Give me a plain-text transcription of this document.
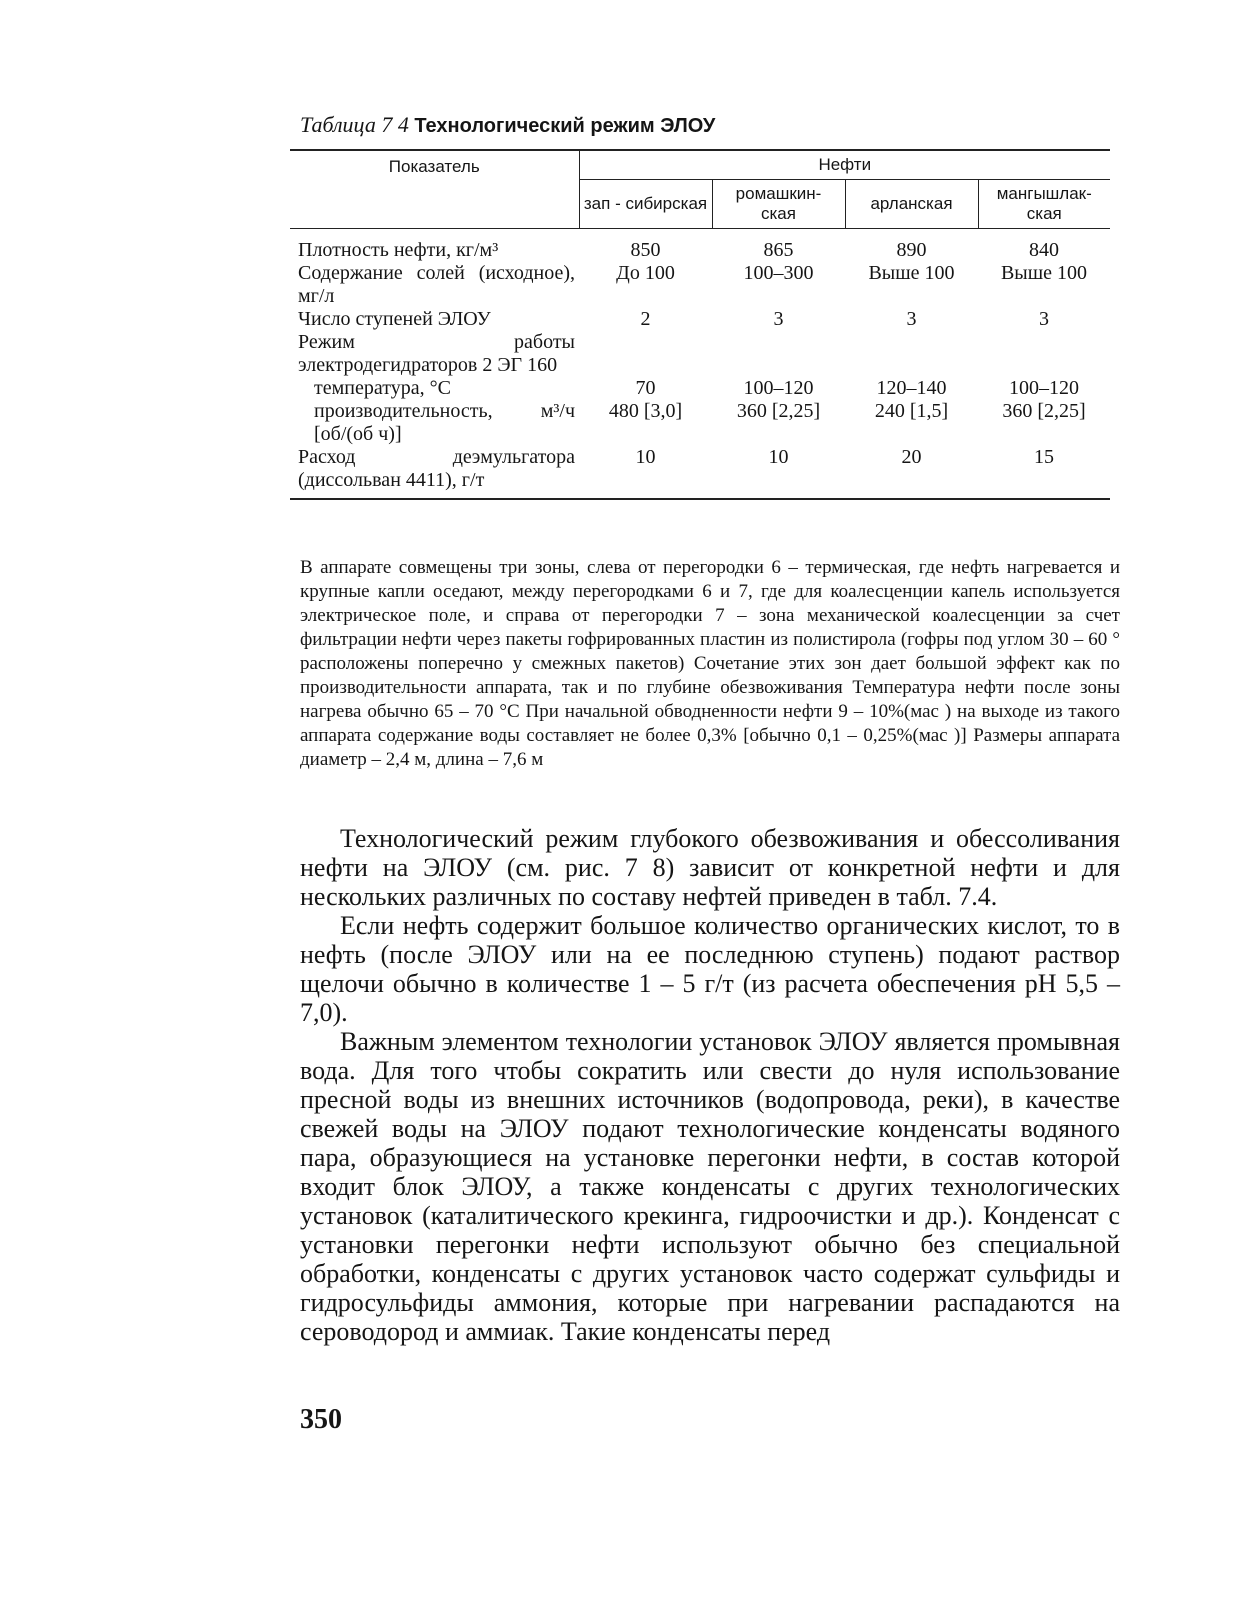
Таблица 7 4 Технологический режим ЭЛОУ
Показатель	Нефти			
	зап - сибирская	ромашкин- ская	арланская	мангышлак- ская
Плотность нефти, кг/м³	850	865	890	840
Содержание солей (исходное), мг/л	До 100	100–300	Выше 100	Выше 100
Число ступеней ЭЛОУ	2	3	3	3
Режим работы электродегидраторов 2 ЭГ 160				
температура, °С	70	100–120	120–140	100–120
производительность, м³/ч [об/(об ч)]	480 [3,0]	360 [2,25]	240 [1,5]	360 [2,25]
Расход деэмульгатора (диссольван 4411), г/т	10	10	20	15
В аппарате совмещены три зоны, слева от перегородки 6 – термическая, где нефть нагревается и крупные капли оседают, между перегородками 6 и 7, где для коалесценции капель используется электрическое поле, и справа от перегородки 7 – зона механической коалесценции за счет фильтрации нефти через пакеты гофрированных пластин из полистирола (гофры под углом 30 – 60 ° расположены поперечно у смежных пакетов) Сочетание этих зон дает большой эффект как по производительности аппарата, так и по глубине обезвоживания Температура нефти после зоны нагрева обычно 65 – 70 °С При начальной обводненности нефти 9 – 10%(мас ) на выходе из такого аппарата содержание воды составляет не более 0,3% [обычно 0,1 – 0,25%(мас )] Размеры аппарата диаметр – 2,4 м, длина – 7,6 м

Технологический режим глубокого обезвоживания и обессоливания нефти на ЭЛОУ (см. рис. 7 8) зависит от конкретной нефти и для нескольких различных по составу нефтей приведен в табл. 7.4.

Если нефть содержит большое количество органических кислот, то в нефть (после ЭЛОУ или на ее последнюю ступень) подают раствор щелочи обычно в количестве 1 – 5 г/т (из расчета обеспечения pH 5,5 – 7,0).

Важным элементом технологии установок ЭЛОУ является промывная вода. Для того чтобы сократить или свести до нуля использование пресной воды из внешних источников (водопровода, реки), в качестве свежей воды на ЭЛОУ подают технологические конденсаты водяного пара, образующиеся на установке перегонки нефти, в состав которой входит блок ЭЛОУ, а также конденсаты с других технологических установок (каталитического крекинга, гидроочистки и др.). Конденсат с установки перегонки нефти используют обычно без специальной обработки, конденсаты с других установок часто содержат сульфиды и гидросульфиды аммония, которые при нагревании распадаются на сероводород и аммиак. Такие конденсаты перед

350
